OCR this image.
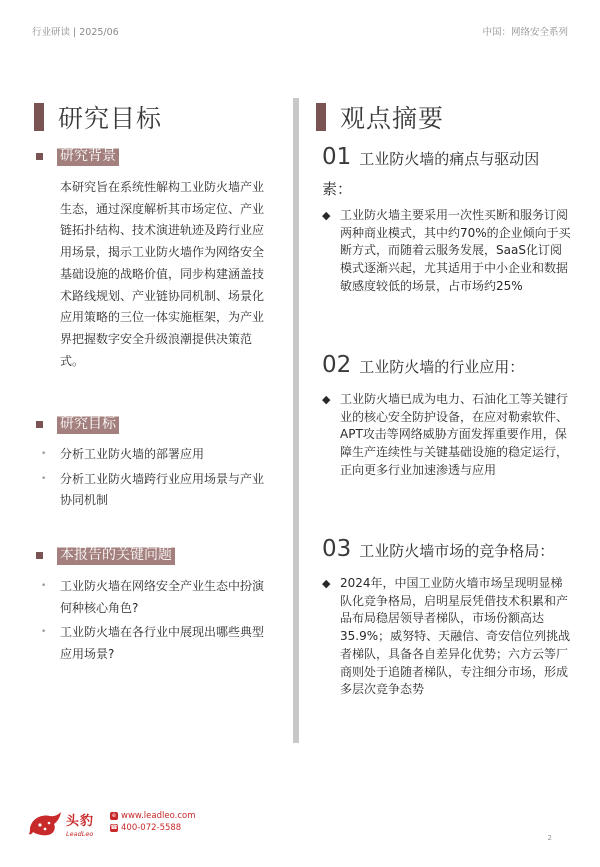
行业研读 | 2025/06	中国：网络安全系列
研究目标	观点摘要
研究背景
本研究旨在系统性解构工业防火墙产业生态，通过深度解析其市场定位、产业链拓扑结构、技术演进轨迹及跨行业应用场景，揭示工业防火墙作为网络安全基础设施的战略价值，同步构建涵盖技术路线规划、产业链协同机制、场景化应用策略的三位一体实施框架，为产业界把握数字安全升级浪潮提供决策范式。
研究目标
• 分析工业防火墙的部署应用
• 分析工业防火墙跨行业应用场景与产业协同机制
本报告的关键问题
• 工业防火墙在网络安全产业生态中扮演何种核心角色?
• 工业防火墙在各行业中展现出哪些典型应用场景?
01 工业防火墙的痛点与驱动因
素：
◆ 工业防火墙主要采用一次性买断和服务订阅两种商业模式，其中约70%的企业倾向于买断方式，而随着云服务发展，SaaS化订阅模式逐渐兴起，尤其适用于中小企业和数据敏感度较低的场景，占市场约25%
02 工业防火墙的行业应用：
◆ 工业防火墙已成为电力、石油化工等关键行业的核心安全防护设备，在应对勒索软件、APT攻击等网络威胁方面发挥重要作用，保障生产连续性与关键基础设施的稳定运行，正向更多行业加速渗透与应用
03 工业防火墙市场的竞争格局：
◆ 2024年，中国工业防火墙市场呈现明显梯队化竞争格局，启明星辰凭借技术积累和产品布局稳居领导者梯队，市场份额高达35.9%；威努特、天融信、奇安信位列挑战者梯队，具备各自差异化优势；六方云等厂商则处于追随者梯队，专注细分市场，形成多层次竞争态势
头豹
LeadLeo
e www.leadleo.com
☎ 400-072-5588
2
